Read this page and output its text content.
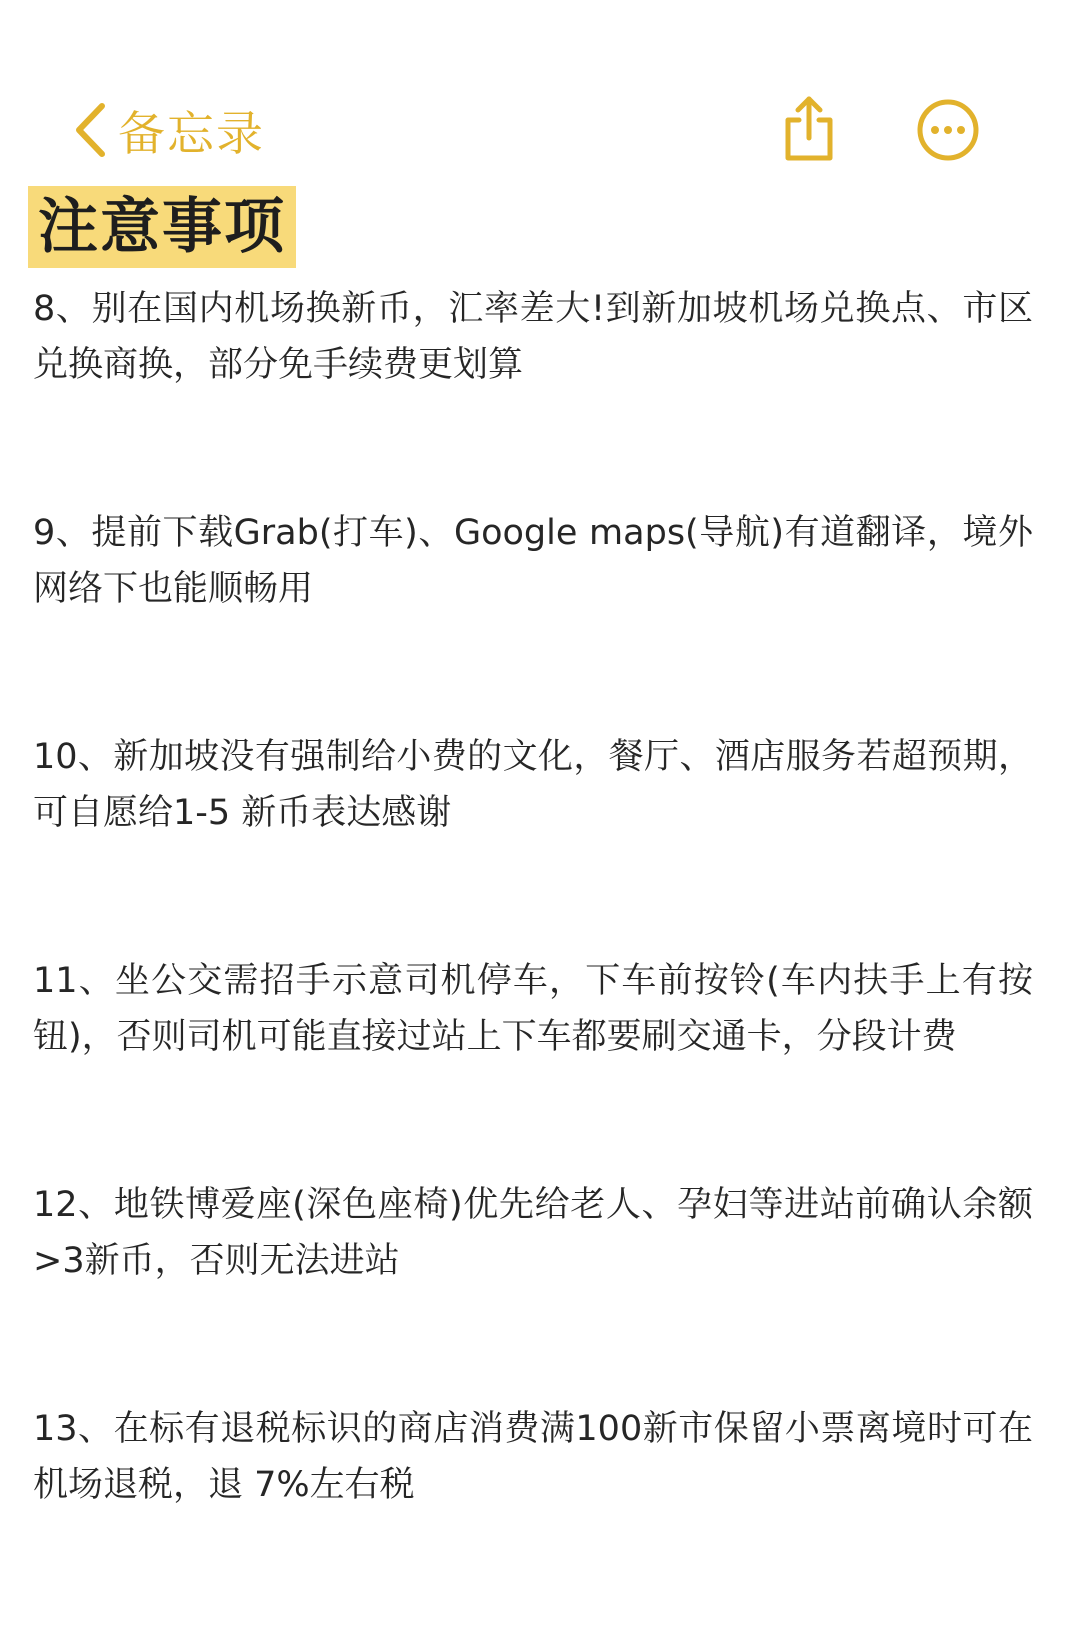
备忘录
注意事项

8、别在国内机场换新币，汇率差大!到新加坡机场兑换点、市区兑换商换，部分免手续费更划算

9、提前下载Grab(打车)、Google maps(导航)有道翻译，境外网络下也能顺畅用

10、新加坡没有强制给小费的文化，餐厅、酒店服务若超预期，可自愿给1-5 新币表达感谢

11、坐公交需招手示意司机停车，下车前按铃(车内扶手上有按钮)，否则司机可能直接过站上下车都要刷交通卡，分段计费

12、地铁博爱座(深色座椅)优先给老人、孕妇等进站前确认余额>3新币，否则无法进站

13、在标有退税标识的商店消费满100新市保留小票离境时可在机场退税，退 7%左右税
